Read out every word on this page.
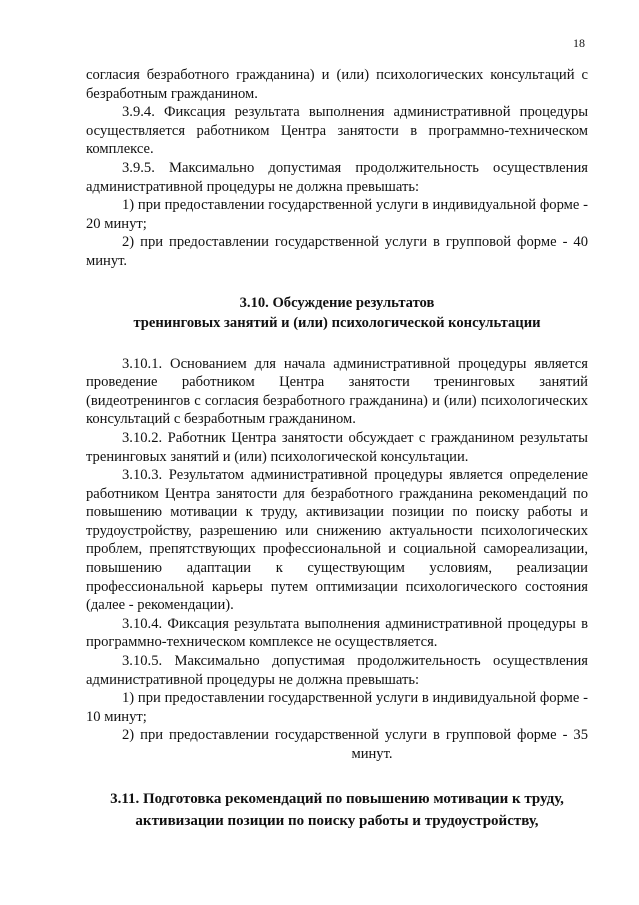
18

согласия безработного гражданина) и (или) психологических консультаций с безработным гражданином.

3.9.4. Фиксация результата выполнения административной процедуры осуществляется работником Центра занятости в программно-техническом комплексе.

3.9.5. Максимально допустимая продолжительность осуществления административной процедуры не должна превышать:

1) при предоставлении государственной услуги в индивидуальной форме - 20 минут;

2) при предоставлении государственной услуги в групповой форме - 40 минут.

3.10. Обсуждение результатов
тренинговых занятий и (или) психологической консультации

3.10.1. Основанием для начала административной процедуры является проведение работником Центра занятости тренинговых занятий (видеотренингов с согласия безработного гражданина) и (или) психологических консультаций с безработным гражданином.

3.10.2. Работник Центра занятости обсуждает с гражданином результаты тренинговых занятий и (или) психологической консультации.

3.10.3. Результатом административной процедуры является определение работником Центра занятости для безработного гражданина рекомендаций по повышению мотивации к труду, активизации позиции по поиску работы и трудоустройству, разрешению или снижению актуальности психологических проблем, препятствующих профессиональной и социальной самореализации, повышению адаптации к существующим условиям, реализации профессиональной карьеры путем оптимизации психологического состояния (далее - рекомендации).

3.10.4. Фиксация результата выполнения административной процедуры в программно-техническом комплексе не осуществляется.

3.10.5. Максимально допустимая продолжительность осуществления административной процедуры не должна превышать:

1) при предоставлении государственной услуги в индивидуальной форме - 10 минут;

2) при предоставлении государственной услуги в групповой форме - 35

минут.

3.11. Подготовка рекомендаций по повышению мотивации к труду,
активизации позиции по поиску работы и трудоустройству,
